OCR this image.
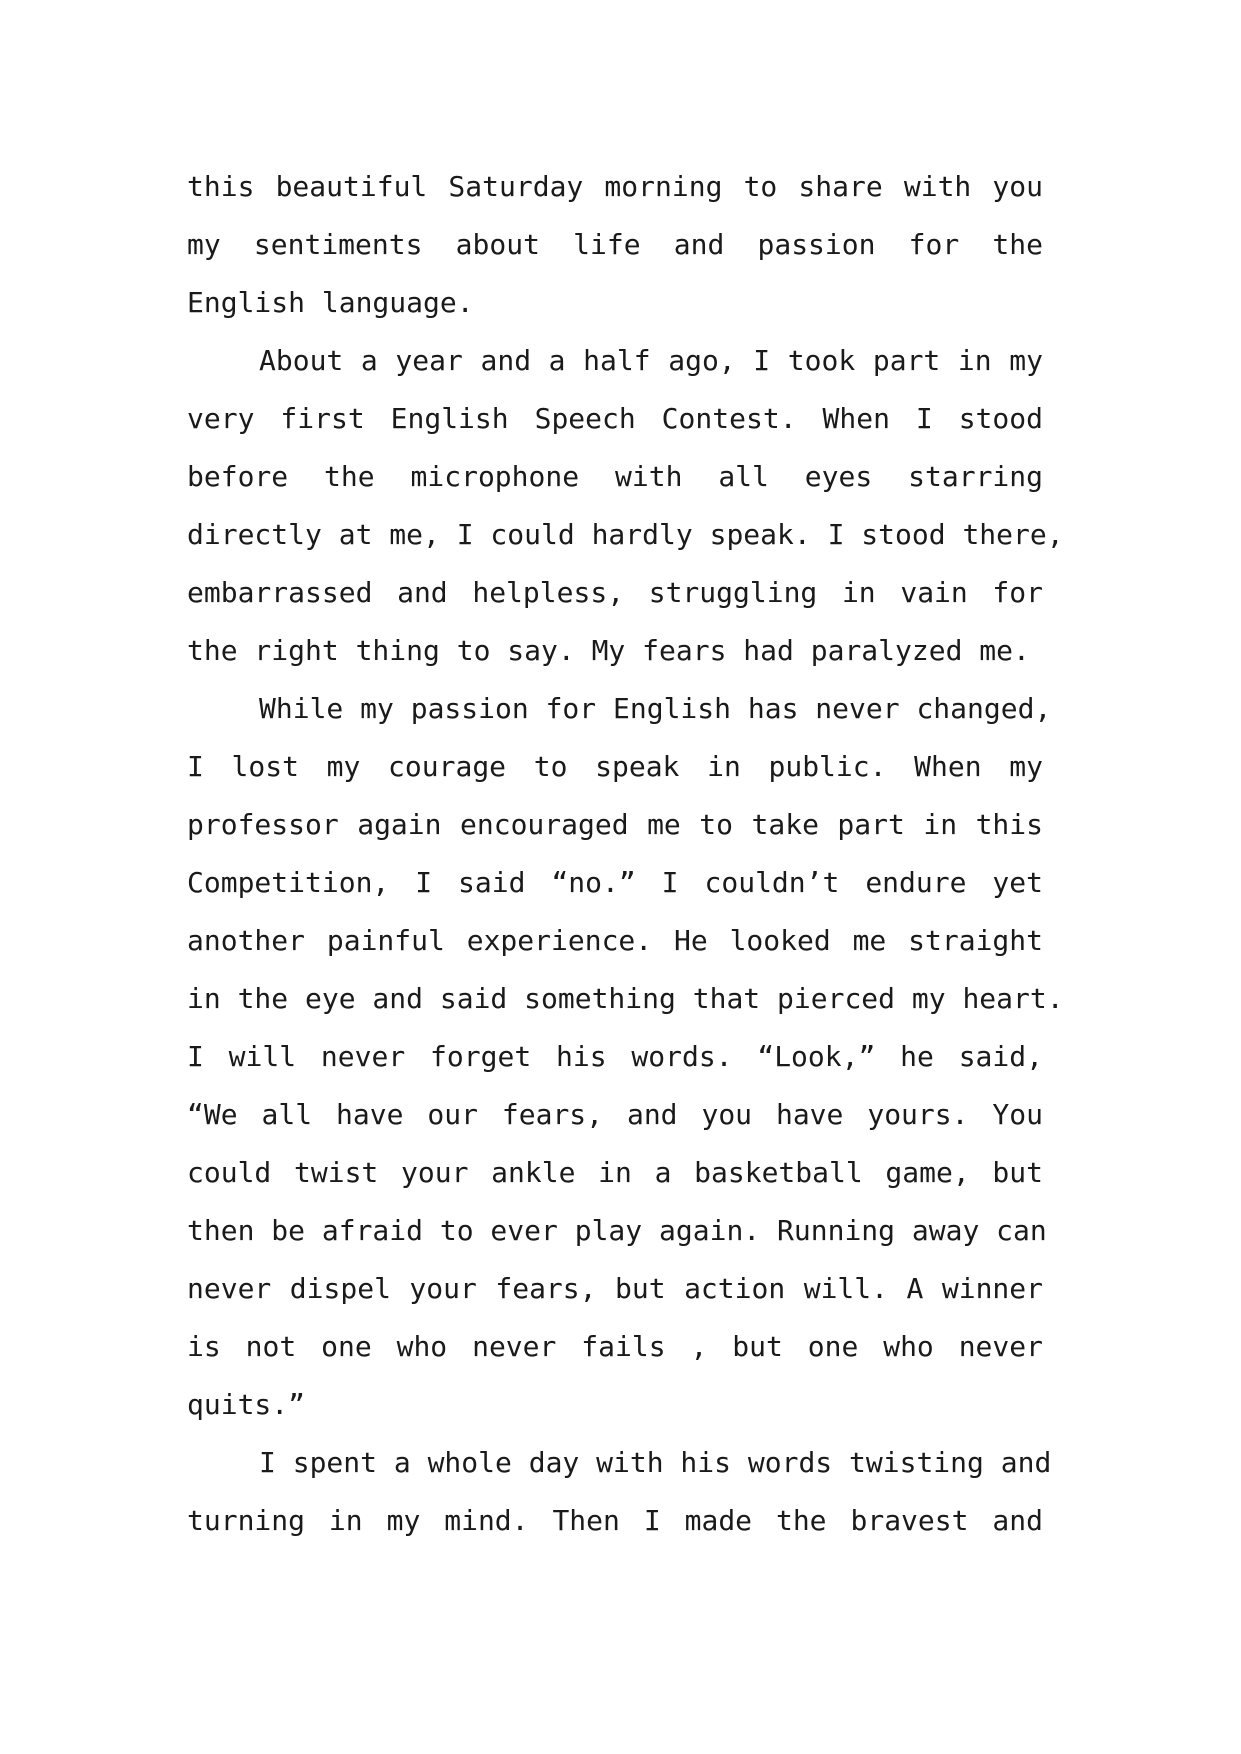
this beautiful Saturday morning to share with you
my sentiments about life and passion for the
English language.
About a year and a half ago, I took part in my
very first English Speech Contest. When I stood
before the microphone with all eyes starring
directly at me, I could hardly speak. I stood there,
embarrassed and helpless, struggling in vain for
the right thing to say. My fears had paralyzed me.
While my passion for English has never changed,
I lost my courage to speak in public. When my
professor again encouraged me to take part in this
Competition, I said “no.” I couldn’t endure yet
another painful experience. He looked me straight
in the eye and said something that pierced my heart.
I will never forget his words. “Look,” he said,
“We all have our fears, and you have yours. You
could twist your ankle in a basketball game, but
then be afraid to ever play again. Running away can
never dispel your fears, but action will. A winner
is not one who never fails , but one who never
quits.”
I spent a whole day with his words twisting and
turning in my mind. Then I made the bravest and
